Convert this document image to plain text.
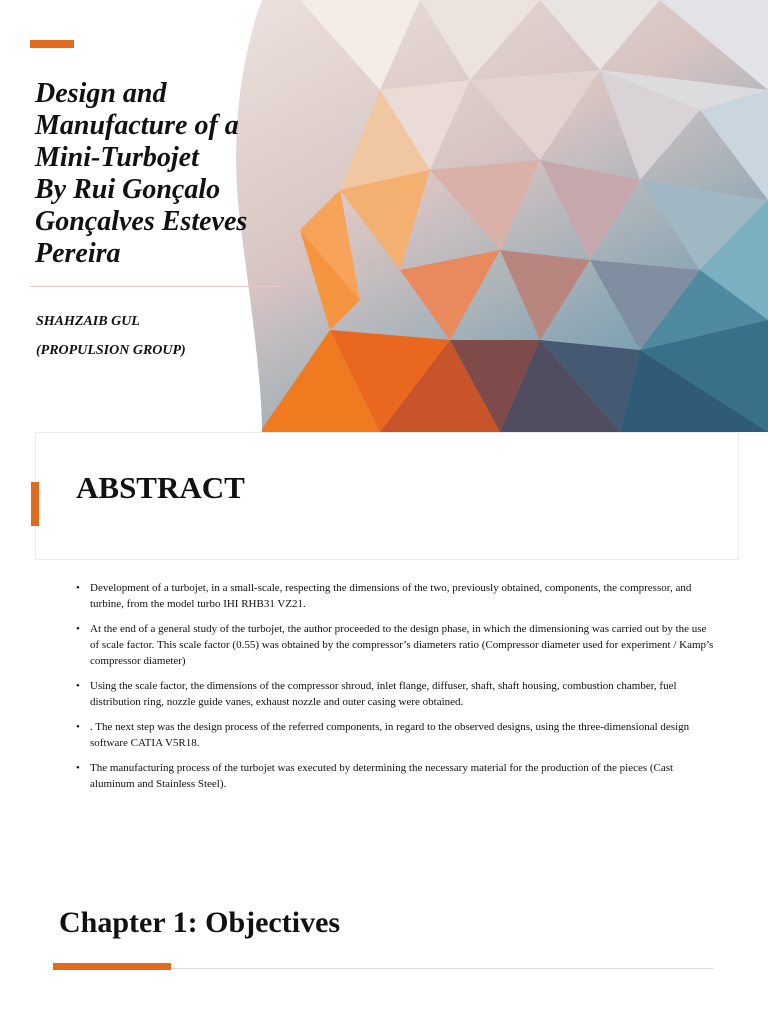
Design and
Manufacture of a
Mini-Turbojet
By Rui Gonçalo
Gonçalves Esteves
Pereira

SHAHZAIB GUL

(PROPULSION GROUP)

ABSTRACT
• Development of a turbojet, in a small-scale, respecting the dimensions of the two, previously obtained, components, the compressor, and turbine, from the model turbo IHI RHB31 VZ21.
• At the end of a general study of the turbojet, the author proceeded to the design phase, in which the dimensioning was carried out by the use of scale factor. This scale factor (0.55) was obtained by the compressor’s diameters ratio (Compressor diameter used for experiment / Kamp’s compressor diameter)
• Using the scale factor, the dimensions of the compressor shroud, inlet flange, diffuser, shaft, shaft housing, combustion chamber, fuel distribution ring, nozzle guide vanes, exhaust nozzle and outer casing were obtained.
• . The next step was the design process of the referred components, in regard to the observed designs, using the three-dimensional design software CATIA V5R18.
• The manufacturing process of the turbojet was executed by determining the necessary material for the production of the pieces (Cast aluminum and Stainless Steel).
Chapter 1: Objectives
